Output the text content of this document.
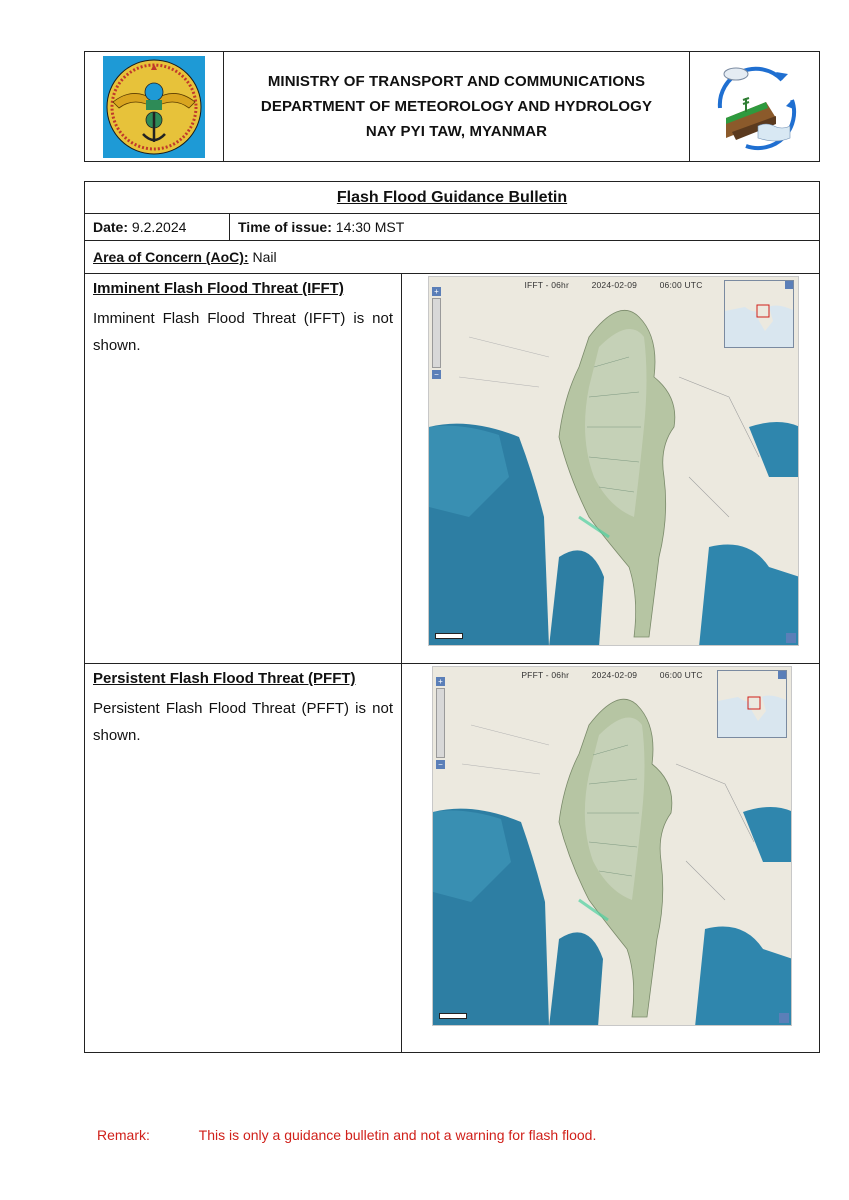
MINISTRY OF TRANSPORT AND COMMUNICATIONS
DEPARTMENT OF METEOROLOGY AND HYDROLOGY
NAY PYI TAW, MYANMAR
Flash Flood Guidance Bulletin
Date: 9.2.2024	Time of issue: 14:30 MST
Area of Concern (AoC): Nail
Imminent Flash Flood Threat (IFFT)
Imminent Flash Flood Threat (IFFT) is not shown.
IFFT - 06hr	2024-02-09	06:00 UTC
+
−
Persistent Flash Flood Threat (PFFT)
Persistent Flash Flood Threat (PFFT) is not shown.
PFFT - 06hr	2024-02-09	06:00 UTC
+
−
Remark:	This is only a guidance bulletin and not a warning for flash flood.
